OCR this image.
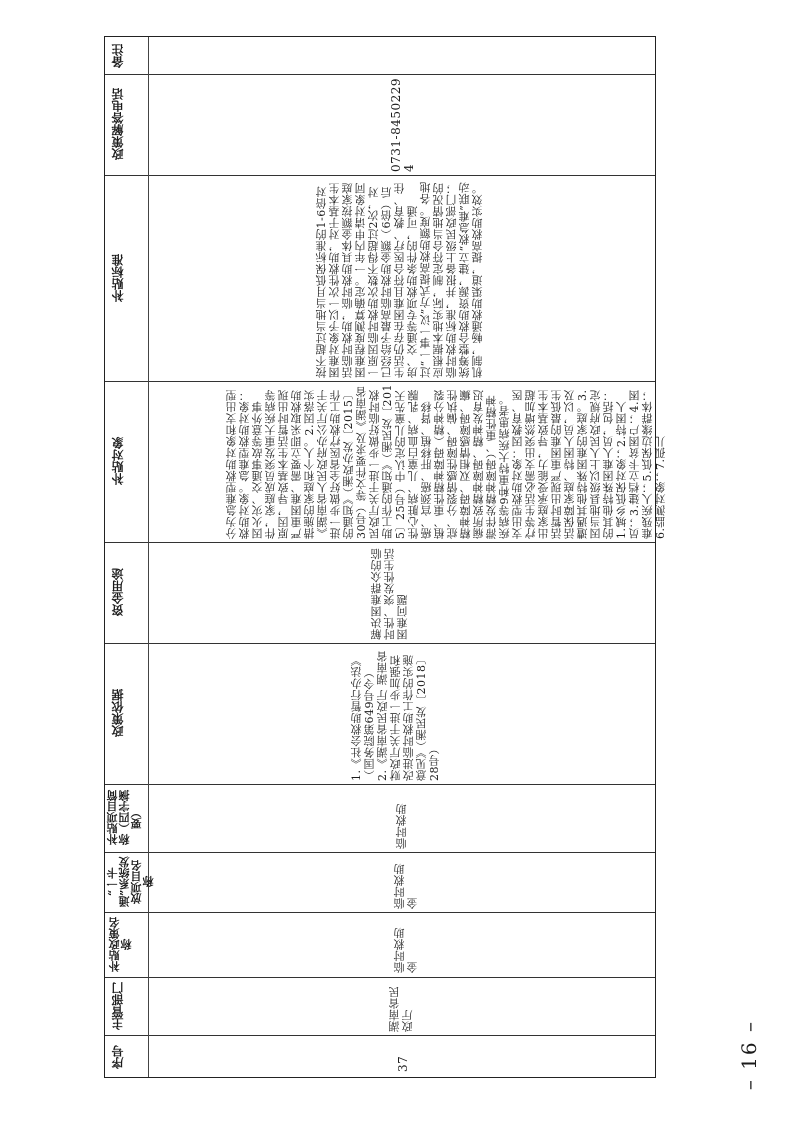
备注
政策解答电话
补贴标准
补贴对象
资金用途
政策依据
补贴项目简称（四字摘要）
“一卡通”系统发放项目名称
补贴政策名称
主管部门
序号
0731-84502294
按不超过当地当月低保标准的1-6倍对困难对象予以一次性救助，对于基本生活临时救助，临时救助具体金额按家庭困难程度测算确定。一年内申请对象同一原因临时救助次数不得超过2次，对已经给予最高临时救助金额（6倍）后生活仍存在困难且符合医疗、教育、住房、交通等专项救助条件的，可通过“一事一议”方式提高救助额度。各地应根据本地实际，制定符合当地情况的临时救助标准，并报备上级民政部门；统筹整合救助资源，建立“救急难”联动机制，畅通救助渠道，提高救助实效。
分为急难型救助对象和支出型救助对象。急难型救助对象：因火灾、交通事故等意外事件，家庭成员突发重大疾病等原因，导致基本生活暂时出现严重困难、需要立即采取救助措施的家庭和个人。2.因落实《湖南省人民政府办公厅关于进一步做好全省医疗救助工作的通知》（湘政办发〔2015〕30号）等文件要求及《湖南省民政厅关于进一步做好临时救助工作的通知》（湘民发〔2015〕25号）中认定的儿童先天性心脏病、儿童白血病、乳腺癌、宫颈癌、肝移植、肾移植、重性精神障碍（精神分裂症、分裂情感性障碍、偏执性精神障碍、双相情感障碍、癫痫所致精神障碍、精神发育迟滞伴发精神障碍）、重性精神疾病等9种重特大疾病患者。支出型救助对象：因教育、医疗等生活必需支出突然增加超出家庭承受能力，导致基本生活暂时出现严重困难的最低生活保障家庭、特困人员，以及遭遇其他特殊困难的家庭。3.因当地县级以上人民政府规定的其他特殊困难人员，包括：1.城乡低保对象；2.特困人员；3.建档立卡贫困户；4.困难残疾人；5.低保边缘群体；6.监测对象；7.孤儿
解决困难群众的临时性、突发性生活困难问题
1.《社会救助暂行办法》（国务院第649号令）
2.《湖南省民政厅 湖南省财政厅关于进一步加强和改进临时救助工作的实施意见》（湘民发〔2018〕28号）
临时救助
临时救助金
临时救助金
湖南省民政厅
37	– 16 –
